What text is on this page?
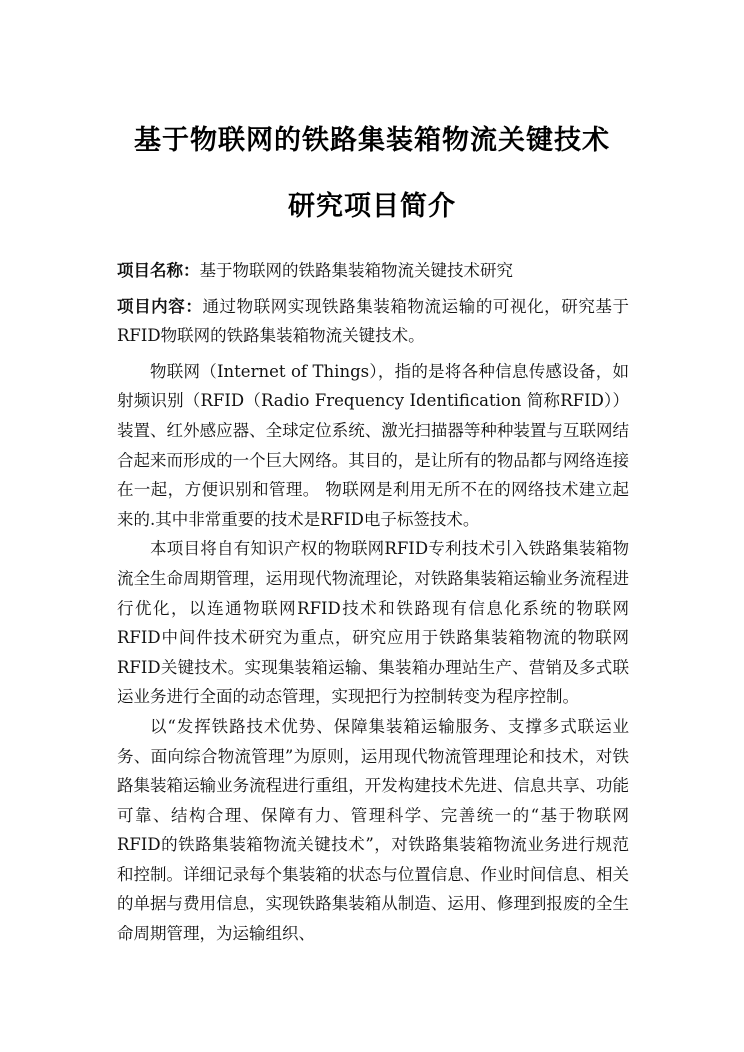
基于物联网的铁路集装箱物流关键技术
研究项目简介

项目名称：基于物联网的铁路集装箱物流关键技术研究

项目内容：通过物联网实现铁路集装箱物流运输的可视化，研究基于RFID物联网的铁路集装箱物流关键技术。

物联网（Internet of Things），指的是将各种信息传感设备，如射频识别（RFID（Radio Frequency Identification 简称RFID））装置、红外感应器、全球定位系统、激光扫描器等种种装置与互联网结合起来而形成的一个巨大网络。其目的，是让所有的物品都与网络连接在一起，方便识别和管理。 物联网是利用无所不在的网络技术建立起来的.其中非常重要的技术是RFID电子标签技术。

本项目将自有知识产权的物联网RFID专利技术引入铁路集装箱物流全生命周期管理，运用现代物流理论，对铁路集装箱运输业务流程进行优化，以连通物联网RFID技术和铁路现有信息化系统的物联网RFID中间件技术研究为重点，研究应用于铁路集装箱物流的物联网RFID关键技术。实现集装箱运输、集装箱办理站生产、营销及多式联运业务进行全面的动态管理，实现把行为控制转变为程序控制。

以“发挥铁路技术优势、保障集装箱运输服务、支撑多式联运业务、面向综合物流管理”为原则，运用现代物流管理理论和技术，对铁路集装箱运输业务流程进行重组，开发构建技术先进、信息共享、功能可靠、结构合理、保障有力、管理科学、完善统一的“基于物联网RFID的铁路集装箱物流关键技术”，对铁路集装箱物流业务进行规范和控制。详细记录每个集装箱的状态与位置信息、作业时间信息、相关的单据与费用信息，实现铁路集装箱从制造、运用、修理到报废的全生命周期管理，为运输组织、
